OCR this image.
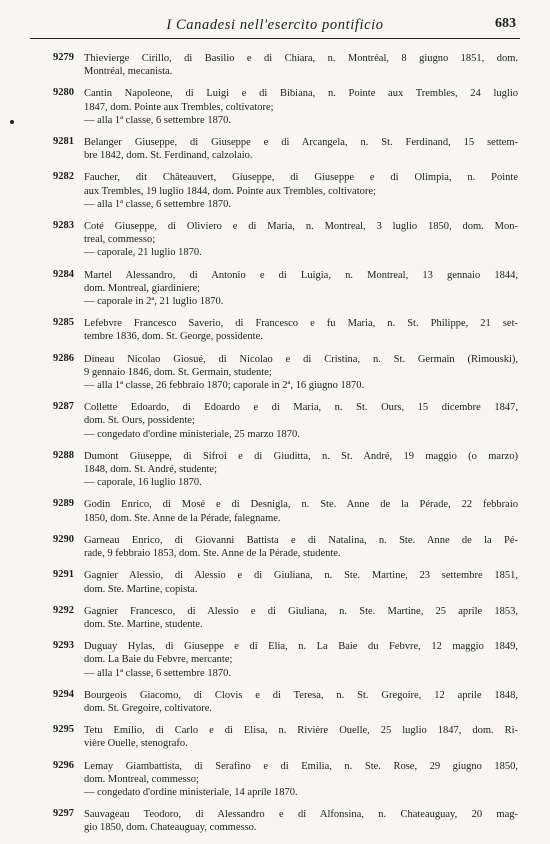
I Canadesi nell'esercito pontificio	683
9279 Thievierge Cirillo, di Basilio e di Chiara, n. Montréal, 8 giugno 1851, dom.
Montréal, mecanista.
9280 Cantin Napoleone, di Luigi e di Bibiana, n. Pointe aux Trembles, 24 luglio
1847, dom. Pointe aux Trembles, coltivatore;
— alla 1ª classe, 6 settembre 1870.
9281 Belanger Giuseppe, di Giuseppe e di Arcangela, n. St. Ferdinand, 15 settem-
bre 1842, dom. St. Ferdinand, calzolaio.
9282 Faucher, dit Châteauvert, Giuseppe, di Giuseppe e di Olimpia, n. Pointe
aux Trembles, 19 luglio 1844, dom. Pointe aux Trembles, coltivatore;
— alla 1ª classe, 6 settembre 1870.
9283 Coté Giuseppe, di Oliviero e di Maria, n. Montreal, 3 luglio 1850, dom. Mon-
treal, commesso;
— caporale, 21 luglio 1870.
9284 Martel Alessandro, di Antonio e di Luigia, n. Montreal, 13 gennaio 1844,
dom. Montreal, giardiniere;
— caporale in 2ª, 21 luglio 1870.
9285 Lefebvre Francesco Saverio, di Francesco e fu Maria, n. St. Philippe, 21 set-
tembre 1836, dom. St. George, possidente.
9286 Dineau Nicolao Giosué, di Nicolao e di Cristina, n. St. Germain (Rimouski),
9 gennaio 1846, dom. St. Germain, studente;
— alla 1ª classe, 26 febbraio 1870; caporale in 2ª, 16 giugno 1870.
9287 Collette Edoardo, di Edoardo e di Maria, n. St. Ours, 15 dicembre 1847,
dom. St. Ours, possidente;
— congedato d'ordine ministeriale, 25 marzo 1870.
9288 Dumont Giuseppe, di Sifroi e di Giuditta, n. St. André, 19 maggio (o marzo)
1848, dom. St. André, studente;
— caporale, 16 luglio 1870.
9289 Godin Enrico, di Mosé e di Desnigla, n. Ste. Anne de la Pérade, 22 febbraio
1850, dom. Ste. Anne de la Pérade, falegname.
9290 Garneau Enrico, di Giovanni Battista e di Natalina, n. Ste. Anne de la Pé-
rade, 9 febbraio 1853, dom. Ste. Anne de la Pérade, studente.
9291 Gagnier Alessio, di Alessio e di Giuliana, n. Ste. Martine, 23 settembre 1851,
dom. Ste. Martine, copista.
9292 Gagnier Francesco, di Alessio e di Giuliana, n. Ste. Martine, 25 aprile 1853,
dom. Ste. Martine, studente.
9293 Duguay Hylas, di Giuseppe e di Elia, n. La Baie du Febvre, 12 maggio 1849,
dom. La Baie du Febvre, mercante;
— alla 1ª classe, 6 settembre 1870.
9294 Bourgeois Giacomo, di Clovis e di Teresa, n. St. Gregoire, 12 aprile 1848,
dom. St. Gregoire, coltivatore.
9295 Tetu Emilio, di Carlo e di Elisa, n. Rivière Ouelle, 25 luglio 1847, dom. Ri-
vière Ouelle, stenografo.
9296 Lemay Giambattista, di Serafino e di Emilia, n. Ste. Rose, 29 giugno 1850,
dom. Montreal, commesso;
— congedato d'ordine ministeriale, 14 aprile 1870.
9297 Sauvageau Teodoro, di Alessandro e di Alfonsina, n. Chateauguay, 20 mag-
gio 1850, dom. Chateauguay, commesso.
